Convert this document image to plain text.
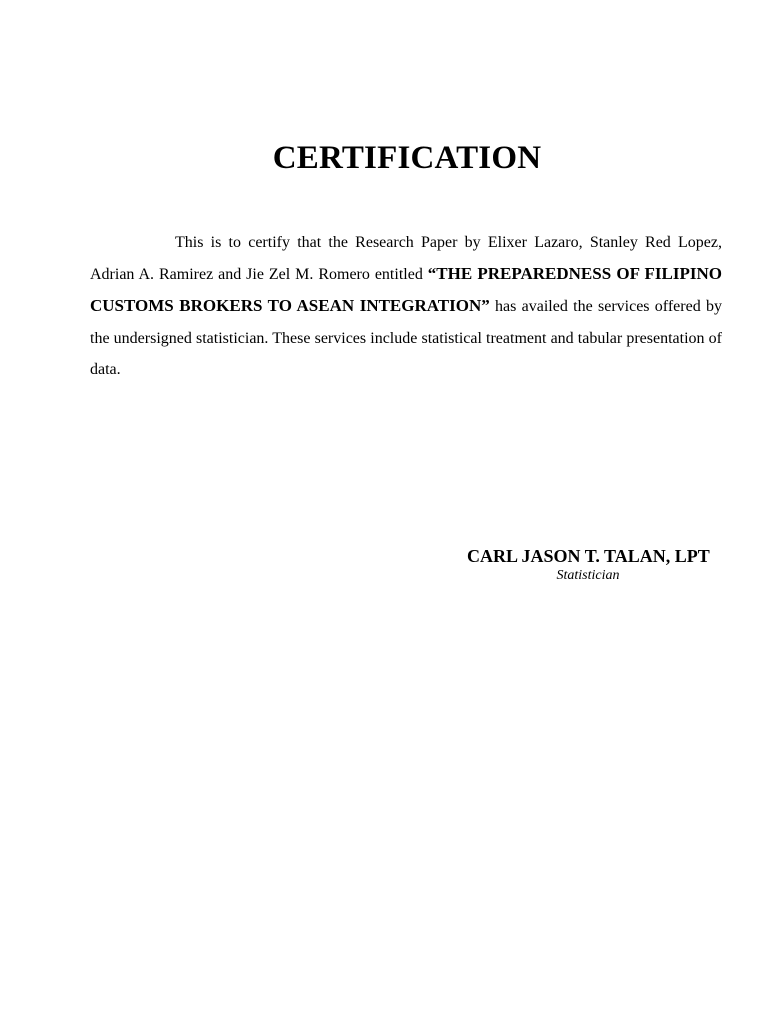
CERTIFICATION

This is to certify that the Research Paper by Elixer Lazaro, Stanley Red Lopez, Adrian A. Ramirez and Jie Zel M. Romero entitled “THE PREPAREDNESS OF FILIPINO CUSTOMS BROKERS TO ASEAN INTEGRATION” has availed the services offered by the undersigned statistician. These services include statistical treatment and tabular presentation of data.

CARL JASON T. TALAN, LPT
Statistician
